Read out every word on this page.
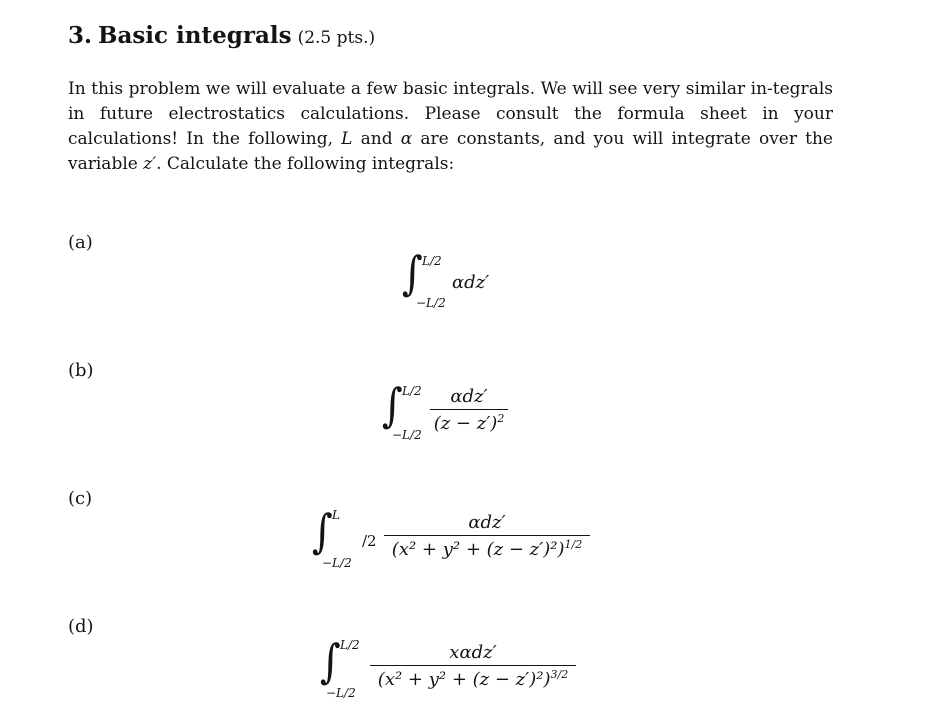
3. Basic integrals (2.5 pts.)
In this problem we will evaluate a few basic integrals. We will see very similar in-tegrals in future electrostatics calculations. Please consult the formula sheet in your calculations! In the following, L and α are constants, and you will integrate over the variable z′. Calculate the following integrals:
(a)
∫ L/2
−L/2
αdz′
(b)
∫ L/2
−L/2
αdz′
$(z - z')^2$
(c)
∫ L
−L/2
/2
αdz′
$(x^2 + y^2 + (z - z')^2)^{1/2}$
(d)
∫ L/2
−L/2
xαdz′
$(x^2 + y^2 + (z - z')^2)^{3/2}$
